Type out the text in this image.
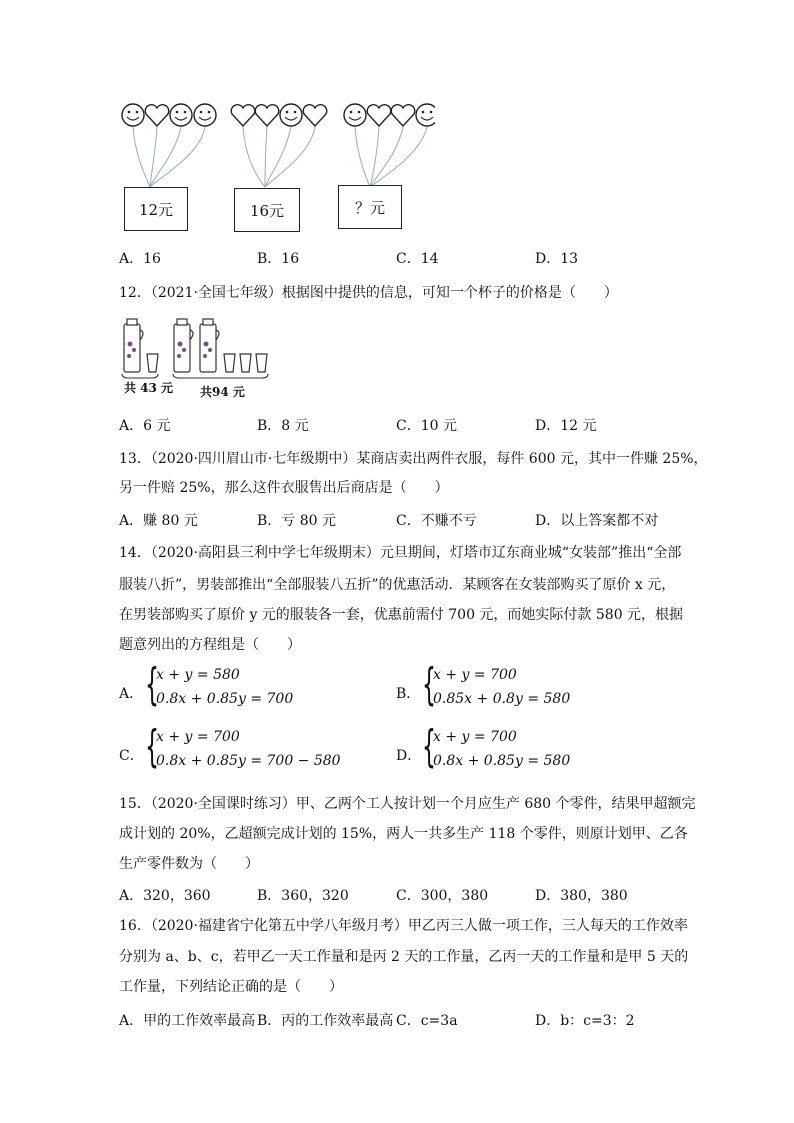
12元	16元	？元
A．16	B．16	C．14	D．13
12．（2021·全国七年级）根据图中提供的信息，可知一个杯子的价格是（　　）
共 43 元 共94 元
A．6 元	B．8 元	C．10 元	D．12 元
13．（2020·四川眉山市·七年级期中）某商店卖出两件衣服，每件 600 元，其中一件赚 25%，
另一件赔 25%，那么这件衣服售出后商店是（　　）
A．赚 80 元	B．亏 80 元	C．不赚不亏	D．以上答案都不对
14．（2020·高阳县三利中学七年级期末）元旦期间，灯塔市辽东商业城“女装部”推出“全部
服装八折”，男装部推出“全部服装八五折”的优惠活动．某顾客在女装部购买了原价 x 元，
在男装部购买了原价 y 元的服装各一套，优惠前需付 700 元，而她实际付款 580 元，根据
题意列出的方程组是（　　）
A． {
x + y = 580
0.8x + 0.85y = 700	B． {
x + y = 700
0.85x + 0.8y = 580
C． {
x + y = 700
0.8x + 0.85y = 700 − 580	D． {
x + y = 700
0.8x + 0.85y = 580
15．（2020·全国课时练习）甲、乙两个工人按计划一个月应生产 680 个零件，结果甲超额完
成计划的 20%，乙超额完成计划的 15%，两人一共多生产 118 个零件，则原计划甲、乙各
生产零件数为（　　）
A．320，360	B．360，320	C．300，380	D．380，380
16．（2020·福建省宁化第五中学八年级月考）甲乙丙三人做一项工作，三人每天的工作效率
分别为 a、b、c，若甲乙一天工作量和是丙 2 天的工作量，乙丙一天的工作量和是甲 5 天的
工作量，下列结论正确的是（　　）
A．甲的工作效率最高 B．丙的工作效率最高 C．c=3a	D．b：c=3：2
